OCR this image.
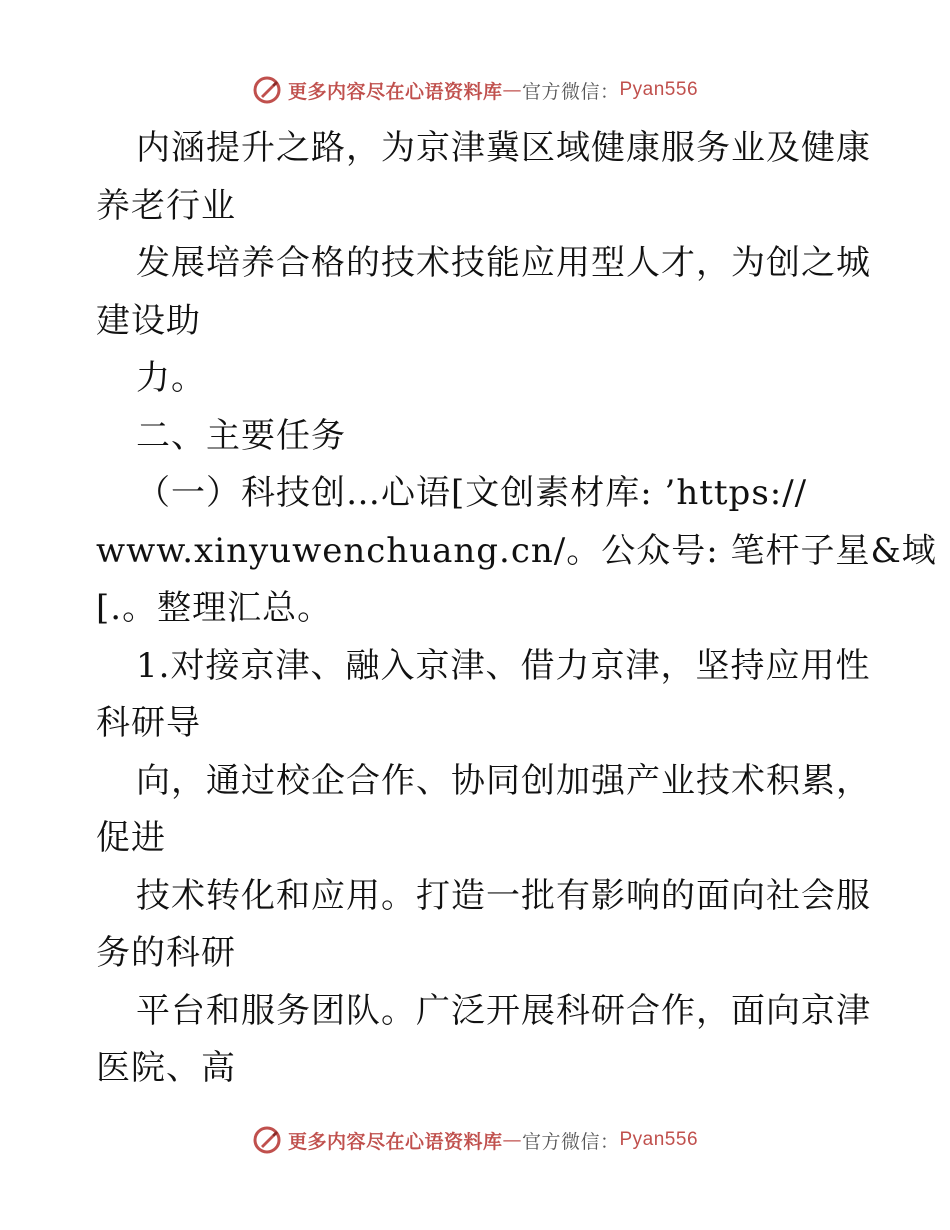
更多内容尽在心语资料库 — 官方微信： Pyan556
内涵提升之路，为京津冀区域健康服务业及健康
养老行业
发展培养合格的技术技能应用型人才，为创之城
建设助
力。
二、主要任务
（一）科技创…心语[文创素材库: ’https://
www.xinyuwenchuang.cn/。公众号: 笔杆子星&域
[.。整理汇总。
1.对接京津、融入京津、借力京津，坚持应用性
科研导
向，通过校企合作、协同创加强产业技术积累，
促进
技术转化和应用。打造一批有影响的面向社会服
务的科研
平台和服务团队。广泛开展科研合作，面向京津
医院、高
更多内容尽在心语资料库 — 官方微信： Pyan556
